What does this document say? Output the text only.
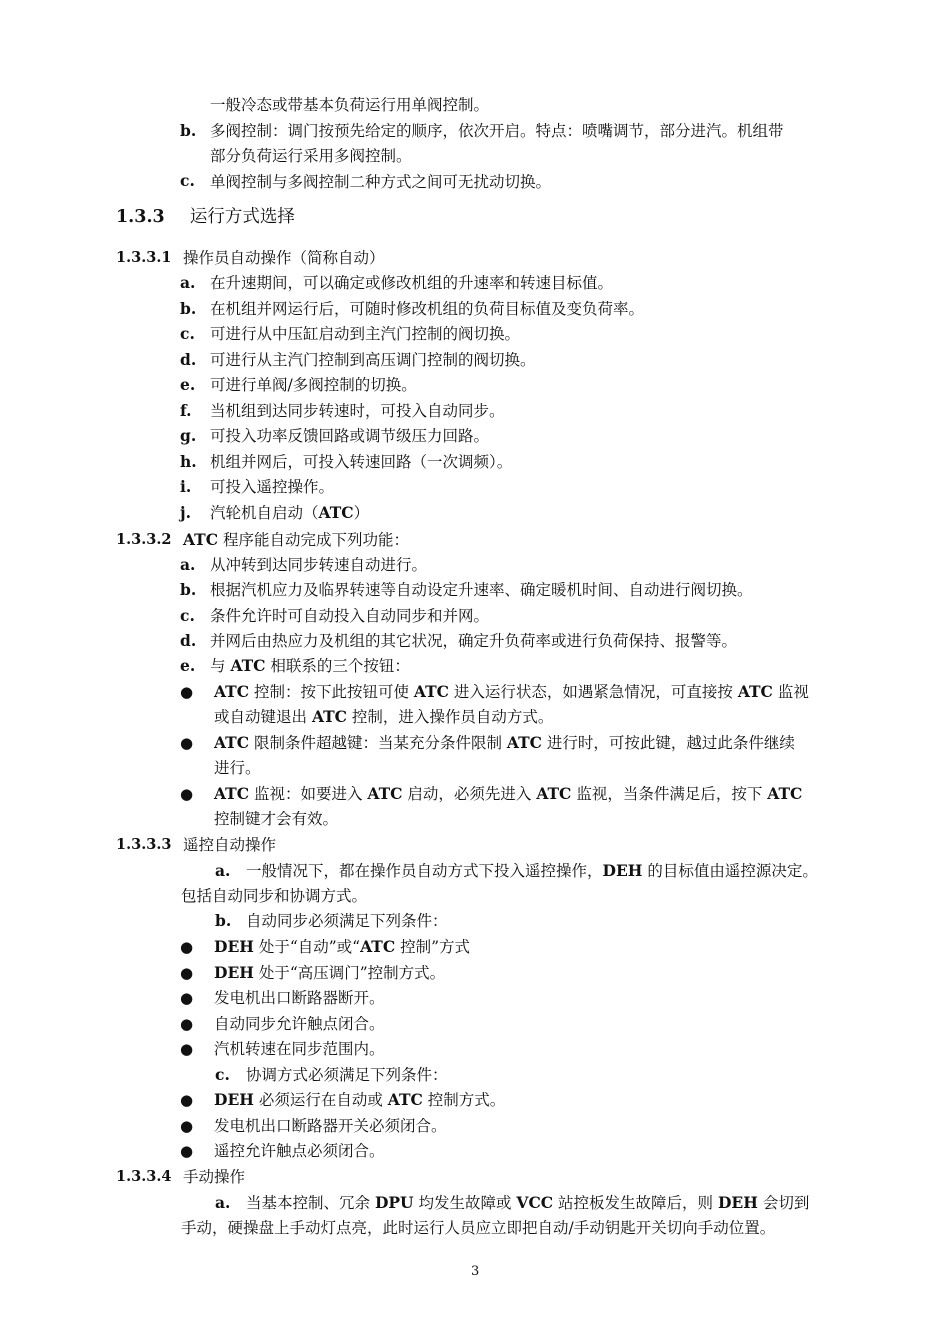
一般冷态或带基本负荷运行用单阀控制。
b. 多阀控制：调门按预先给定的顺序，依次开启。特点：喷嘴调节，部分进汽。机组带
部分负荷运行采用多阀控制。
c. 单阀控制与多阀控制二种方式之间可无扰动切换。
1.3.3 运行方式选择
1.3.3.1 操作员自动操作（简称自动）
a. 在升速期间，可以确定或修改机组的升速率和转速目标值。
b. 在机组并网运行后，可随时修改机组的负荷目标值及变负荷率。
c. 可进行从中压缸启动到主汽门控制的阀切换。
d. 可进行从主汽门控制到高压调门控制的阀切换。
e. 可进行单阀/多阀控制的切换。
f. 当机组到达同步转速时，可投入自动同步。
g. 可投入功率反馈回路或调节级压力回路。
h. 机组并网后，可投入转速回路（一次调频）。
i. 可投入遥控操作。
j. 汽轮机自启动（ATC）
1.3.3.2 ATC 程序能自动完成下列功能：
a. 从冲转到达同步转速自动进行。
b. 根据汽机应力及临界转速等自动设定升速率、确定暖机时间、自动进行阀切换。
c. 条件允许时可自动投入自动同步和并网。
d. 并网后由热应力及机组的其它状况，确定升负荷率或进行负荷保持、报警等。
e. 与 ATC 相联系的三个按钮：
● ATC 控制：按下此按钮可使 ATC 进入运行状态，如遇紧急情况，可直接按 ATC 监视
或自动键退出 ATC 控制，进入操作员自动方式。
● ATC 限制条件超越键：当某充分条件限制 ATC 进行时，可按此键，越过此条件继续
进行。
● ATC 监视：如要进入 ATC 启动，必须先进入 ATC 监视，当条件满足后，按下 ATC
控制键才会有效。
1.3.3.3 遥控自动操作
a. 一般情况下，都在操作员自动方式下投入遥控操作，DEH 的目标值由遥控源决定。
包括自动同步和协调方式。
b. 自动同步必须满足下列条件：
● DEH 处于“自动”或“ATC 控制”方式
● DEH 处于“高压调门”控制方式。
● 发电机出口断路器断开。
● 自动同步允许触点闭合。
● 汽机转速在同步范围内。
c. 协调方式必须满足下列条件：
● DEH 必须运行在自动或 ATC 控制方式。
● 发电机出口断路器开关必须闭合。
● 遥控允许触点必须闭合。
1.3.3.4 手动操作
a. 当基本控制、冗余 DPU 均发生故障或 VCC 站控板发生故障后，则 DEH 会切到
手动，硬操盘上手动灯点亮，此时运行人员应立即把自动/手动钥匙开关切向手动位置。
3
